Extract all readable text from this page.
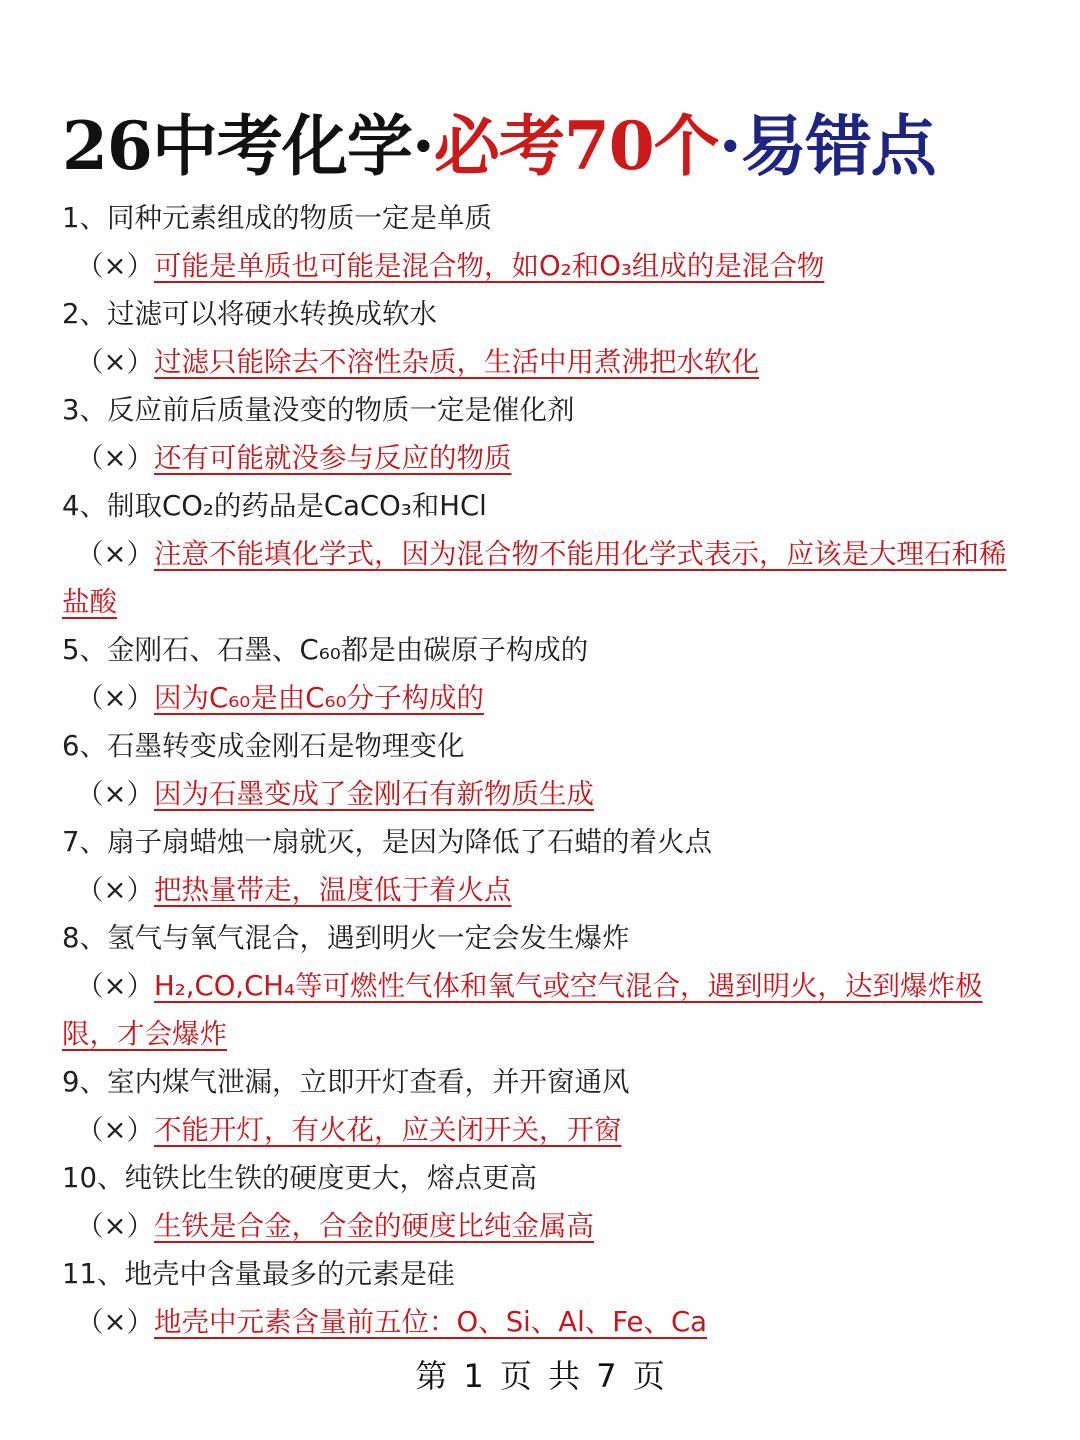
26中考化学·必考70个·易错点
1、同种元素组成的物质一定是单质
（×）可能是单质也可能是混合物，如O₂和O₃组成的是混合物
2、过滤可以将硬水转换成软水
（×）过滤只能除去不溶性杂质，生活中用煮沸把水软化
3、反应前后质量没变的物质一定是催化剂
（×）还有可能就没参与反应的物质
4、制取CO₂的药品是CaCO₃和HCl
（×）注意不能填化学式，因为混合物不能用化学式表示，应该是大理石和稀盐酸
5、金刚石、石墨、C₆₀都是由碳原子构成的
（×）因为C₆₀是由C₆₀分子构成的
6、石墨转变成金刚石是物理变化
（×）因为石墨变成了金刚石有新物质生成
7、扇子扇蜡烛一扇就灭，是因为降低了石蜡的着火点
（×）把热量带走，温度低于着火点
8、氢气与氧气混合，遇到明火一定会发生爆炸
（×）H₂,CO,CH₄等可燃性气体和氧气或空气混合，遇到明火，达到爆炸极限，才会爆炸
9、室内煤气泄漏，立即开灯查看，并开窗通风
（×）不能开灯，有火花，应关闭开关，开窗
10、纯铁比生铁的硬度更大，熔点更高
（×）生铁是合金，合金的硬度比纯金属高
11、地壳中含量最多的元素是硅
（×）地壳中元素含量前五位：O、Si、Al、Fe、Ca
第 1 页 共 7 页
